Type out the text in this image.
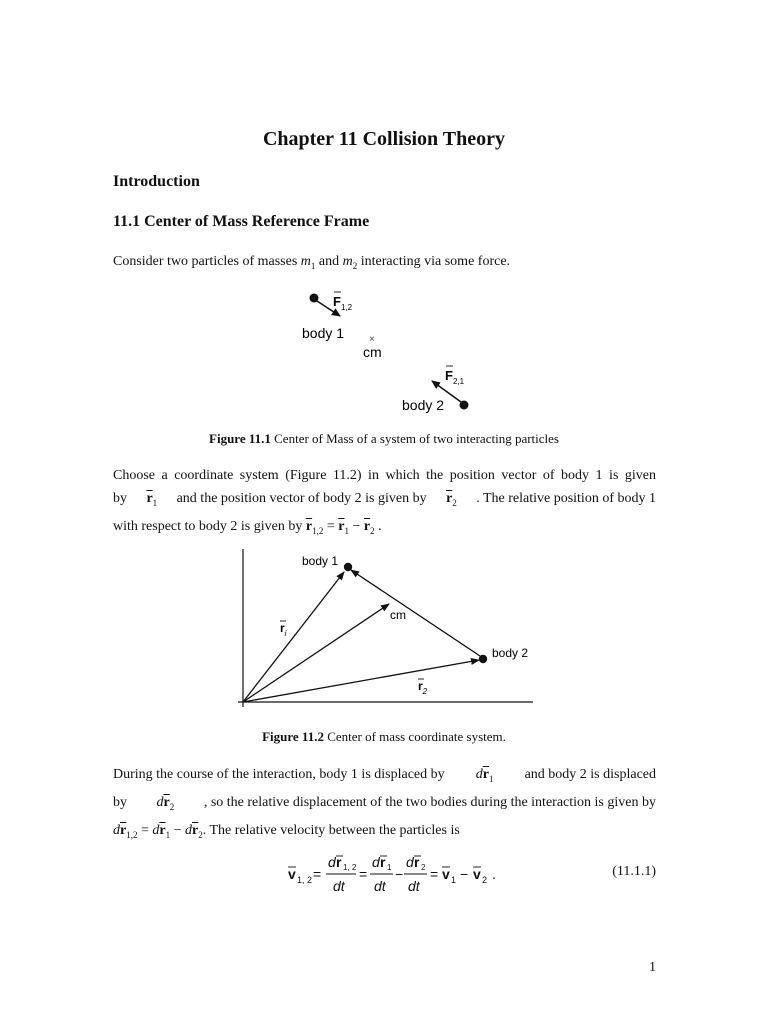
Chapter 11 Collision Theory
Introduction
11.1 Center of Mass Reference Frame
Consider two particles of masses $m_1$ and $m_2$ interacting via some force.
$F_{1,2}$
body 1 ×
cm
$F_{2,1}$
body 2
Figure 11.1 Center of Mass of a system of two interacting particles
Choose a coordinate system (Figure 11.2) in which the position vector of body 1 is given
by $\overline{r}_1$ and the position vector of body 2 is given by $\overline{r}_2$ . The relative position of body 1
with respect to body 2 is given by $\overline{r}_{1,2} = \overline{r}_1 - \overline{r}_2$ .
body 1
body 2
cm
$r_i$
$r_2$
Figure 11.2 Center of mass coordinate system.
During the course of the interaction, body 1 is displaced by $d\overline{r}_1$ and body 2 is displaced
by $d\overline{r}_2$ , so the relative displacement of the two bodies during the interaction is given by
$d\overline{r}_{1,2} = d\overline{r}_1 - d\overline{r}_2$. The relative velocity between the particles is
v 1, 2 =
d r 1, 2
dt
=
d r 1
dt
−
d r 2
dt
= v 1 − v 2 .	(11.1.1)
1
